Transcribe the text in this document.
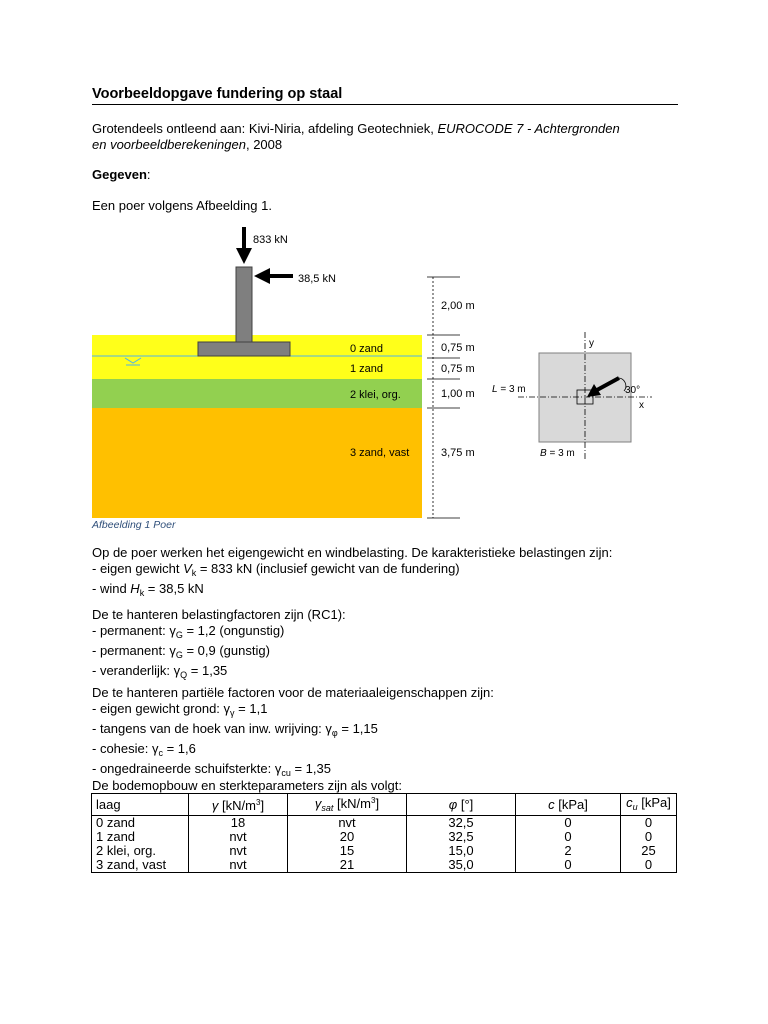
Voorbeeldopgave fundering op staal
Grotendeels ontleend aan: Kivi-Niria, afdeling Geotechniek, EUROCODE 7 - Achtergronden
en voorbeeldberekeningen, 2008
Gegeven:
Een poer volgens Afbeelding 1.
833 kN
38,5 kN
0 zand
1 zand
2 klei, org.
3 zand, vast
2,00 m
0,75 m
0,75 m
1,00 m
3,75 m
y
x
30°
L = 3 m
B = 3 m
Afbeelding 1 Poer
Op de poer werken het eigengewicht en windbelasting. De karakteristieke belastingen zijn:
- eigen gewicht $V_k = 833$ kN (inclusief gewicht van de fundering)
- wind $H_k = 38,5$ kN
De te hanteren belastingfactoren zijn (RC1):
- permanent: $\gamma_G = 1,2$ (ongunstig)
- permanent: $\gamma_G = 0,9$ (gunstig)
- veranderlijk: $\gamma_Q = 1,35$
De te hanteren partiële factoren voor de materiaaleigenschappen zijn:
- eigen gewicht grond: $\gamma_\gamma = 1,1$
- tangens van de hoek van inw. wrijving: $\gamma_\varphi = 1,15$
- cohesie: $\gamma_c = 1,6$
- ongedraineerde schuifsterkte: $\gamma_{cu} = 1,35$
De bodemopbouw en sterkteparameters zijn als volgt:
laag	γ $[kN/m^3]$	$\gamma_{sat}$ $[kN/m^3]$	φ [°]	c [kPa]	$c_u$ [kPa]
0 zand	18	nvt	32,5	0	0
1 zand	nvt	20	32,5	0	0
2 klei, org.	nvt	15	15,0	2	25
3 zand, vast	nvt	21	35,0	0	0
